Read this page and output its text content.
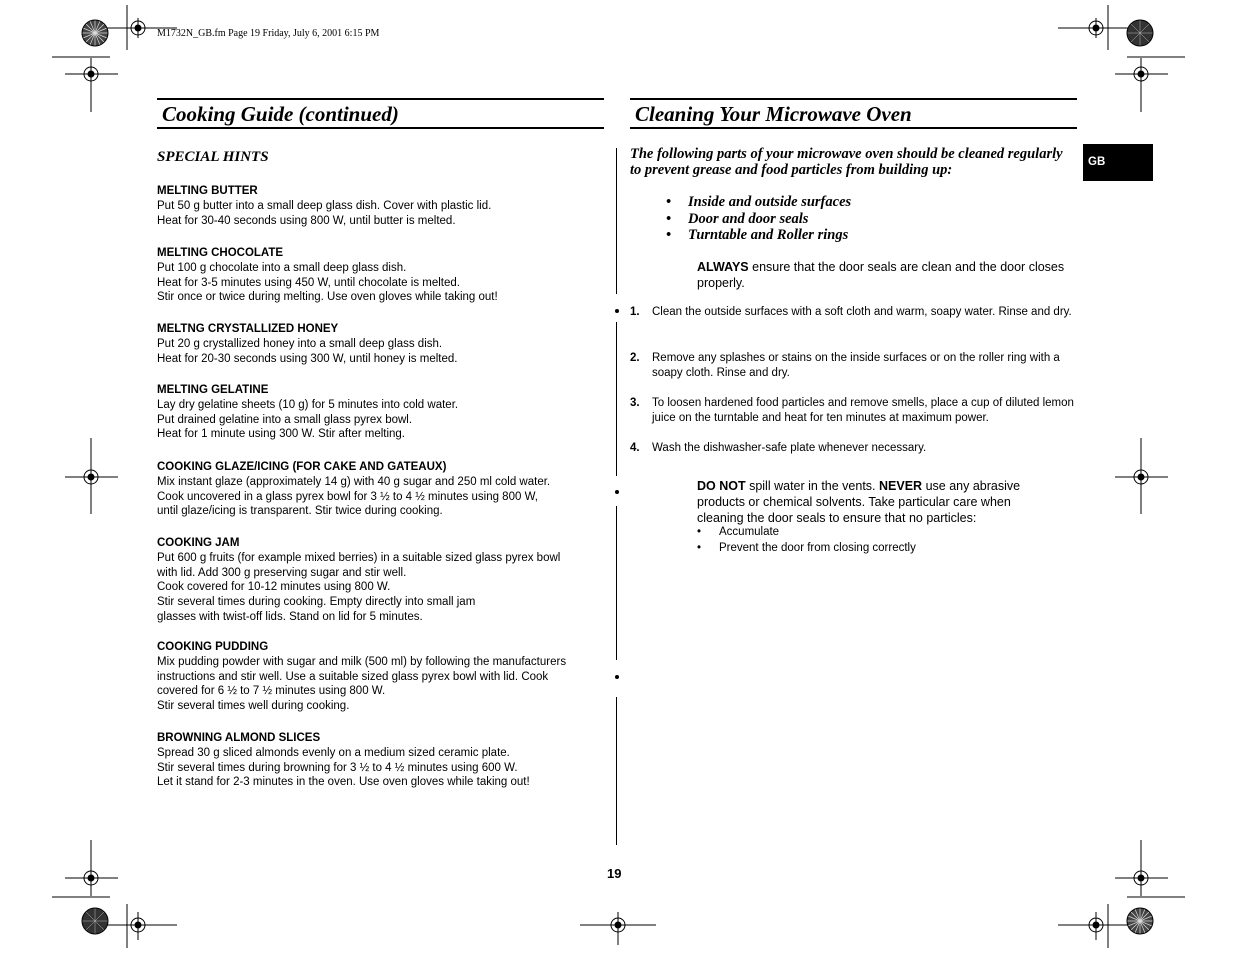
M1732N_GB.fm Page 19 Friday, July 6, 2001 6:15 PM
Cooking Guide (continued)
SPECIAL HINTS
MELTING BUTTER

Put 50 g butter into a small deep glass dish. Cover with plastic lid.

Heat for 30-40 seconds using 800 W, until butter is melted.

MELTING CHOCOLATE

Put 100 g chocolate into a small deep glass dish.

Heat for 3-5 minutes using 450 W, until chocolate is melted.

Stir once or twice during melting. Use oven gloves while taking out!

MELTNG CRYSTALLIZED HONEY

Put 20 g crystallized honey into a small deep glass dish.

Heat for 20-30 seconds using 300 W, until honey is melted.

MELTING GELATINE

Lay dry gelatine sheets (10 g) for 5 minutes into cold water.

Put drained gelatine into a small glass pyrex bowl.

Heat for 1 minute using 300 W. Stir after melting.

COOKING GLAZE/ICING (FOR CAKE AND GATEAUX)

Mix instant glaze (approximately 14 g) with 40 g sugar and 250 ml cold water.

Cook uncovered in a glass pyrex bowl for 3 ½ to 4 ½ minutes using 800 W,

until glaze/icing is transparent. Stir twice during cooking.

COOKING JAM

Put 600 g fruits (for example mixed berries) in a suitable sized glass pyrex bowl

with lid. Add 300 g preserving sugar and stir well.

Cook covered for 10-12 minutes using 800 W.

Stir several times during cooking. Empty directly into small jam

glasses with twist-off lids. Stand on lid for 5 minutes.

COOKING PUDDING

Mix pudding powder with sugar and milk (500 ml) by following the manufacturers

instructions and stir well. Use a suitable sized glass pyrex bowl with lid. Cook

covered for 6 ½ to 7 ½ minutes using 800 W.

Stir several times well during cooking.

BROWNING ALMOND SLICES

Spread 30 g sliced almonds evenly on a medium sized ceramic plate.

Stir several times during browning for 3 ½ to 4 ½ minutes using 600 W.

Let it stand for 2-3 minutes in the oven. Use oven gloves while taking out!

Cleaning Your Microwave Oven
The following parts of your microwave oven should be cleaned regularly to prevent grease and food particles from building up:
• Inside and outside surfaces
• Door and door seals
• Turntable and Roller rings
ALWAYS ensure that the door seals are clean and the door closes properly.
1. Clean the outside surfaces with a soft cloth and warm, soapy water. Rinse and dry.
2. Remove any splashes or stains on the inside surfaces or on the roller ring with a soapy cloth. Rinse and dry.
3. To loosen hardened food particles and remove smells, place a cup of diluted lemon juice on the turntable and heat for ten minutes at maximum power.
4. Wash the dishwasher-safe plate whenever necessary.
DO NOT spill water in the vents. NEVER use any abrasive products or chemical solvents. Take particular care when cleaning the door seals to ensure that no particles:
• Accumulate
• Prevent the door from closing correctly
GB
19
